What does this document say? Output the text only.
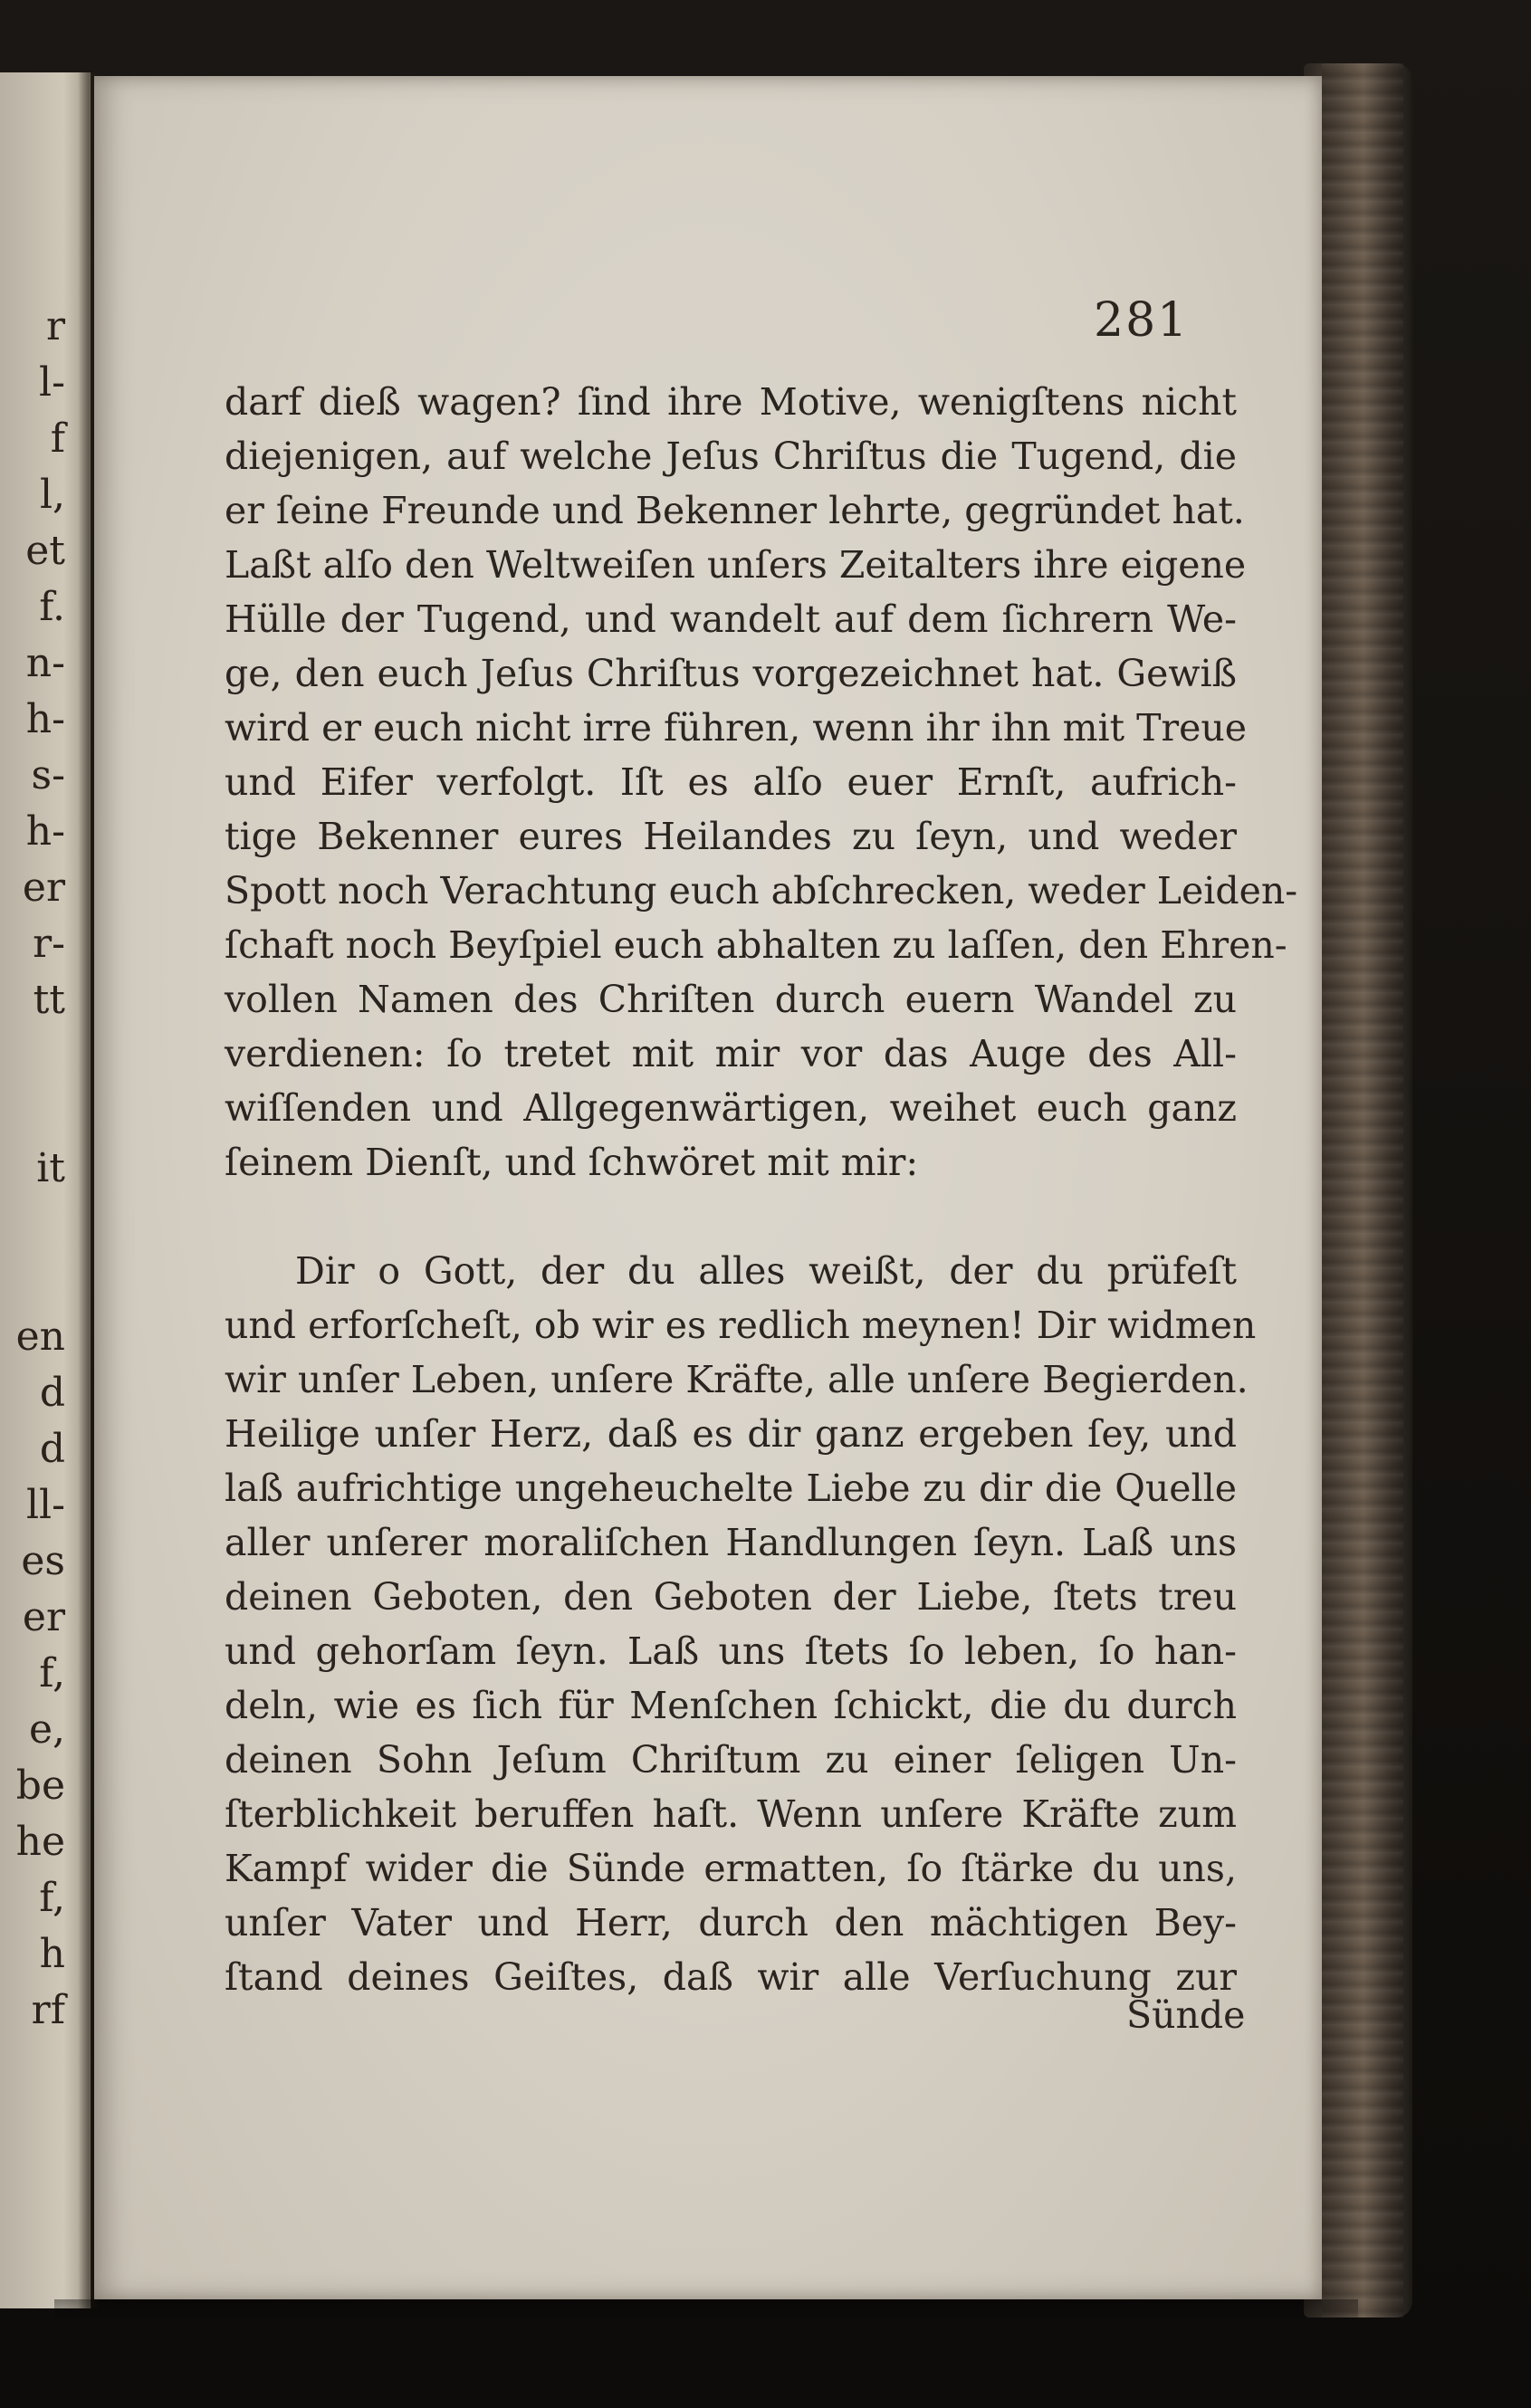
r
l-
f
l,
et
f.
n-
h-
s-
h-
er
r-
tt
it
en
d
d
ll-
es
er
f,
e,
be
he
f,
h
rf
281
darf dieß wagen? ſind ihre Motive, wenigſtens nicht
diejenigen, auf welche Jeſus Chriſtus die Tugend, die
er ſeine Freunde und Bekenner lehrte, gegründet hat.
Laßt alſo den Weltweiſen unſers Zeitalters ihre eigene
Hülle der Tugend, und wandelt auf dem ſichrern We-
ge, den euch Jeſus Chriſtus vorgezeichnet hat. Gewiß
wird er euch nicht irre führen, wenn ihr ihn mit Treue
und Eifer verfolgt. Iſt es alſo euer Ernſt, aufrich-
tige Bekenner eures Heilandes zu ſeyn, und weder
Spott noch Verachtung euch abſchrecken, weder Leiden-
ſchaft noch Beyſpiel euch abhalten zu laſſen, den Ehren-
vollen Namen des Chriſten durch euern Wandel zu
verdienen: ſo tretet mit mir vor das Auge des All-
wiſſenden und Allgegenwärtigen, weihet euch ganz
ſeinem Dienſt, und ſchwöret mit mir:
Dir o Gott, der du alles weißt, der du prüfeſt
und erforſcheſt, ob wir es redlich meynen! Dir widmen
wir unſer Leben, unſere Kräfte, alle unſere Begierden.
Heilige unſer Herz, daß es dir ganz ergeben ſey, und
laß aufrichtige ungeheuchelte Liebe zu dir die Quelle
aller unſerer moraliſchen Handlungen ſeyn. Laß uns
deinen Geboten, den Geboten der Liebe, ſtets treu
und gehorſam ſeyn. Laß uns ſtets ſo leben, ſo han-
deln, wie es ſich für Menſchen ſchickt, die du durch
deinen Sohn Jeſum Chriſtum zu einer ſeligen Un-
ſterblichkeit beruffen haſt. Wenn unſere Kräfte zum
Kampf wider die Sünde ermatten, ſo ſtärke du uns,
unſer Vater und Herr, durch den mächtigen Bey-
ſtand deines Geiſtes, daß wir alle Verſuchung zur
Sünde
